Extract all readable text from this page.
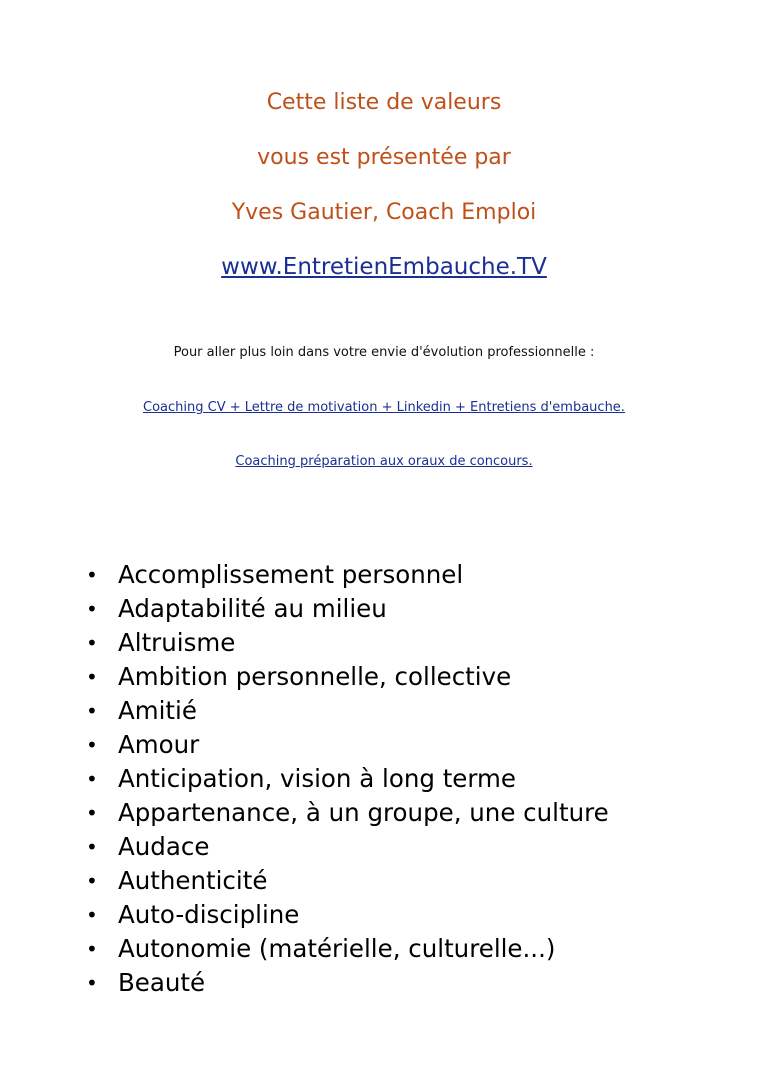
Cette liste de valeurs
vous est présentée par
Yves Gautier, Coach Emploi
www.EntretienEmbauche.TV
Pour aller plus loin dans votre envie d'évolution professionnelle :
Coaching CV + Lettre de motivation + Linkedin + Entretiens d'embauche.
Coaching préparation aux oraux de concours.
• Accomplissement personnel
• Adaptabilité au milieu
• Altruisme
• Ambition personnelle, collective
• Amitié
• Amour
• Anticipation, vision à long terme
• Appartenance, à un groupe, une culture
• Audace
• Authenticité
• Auto-discipline
• Autonomie (matérielle, culturelle...)
• Beauté
